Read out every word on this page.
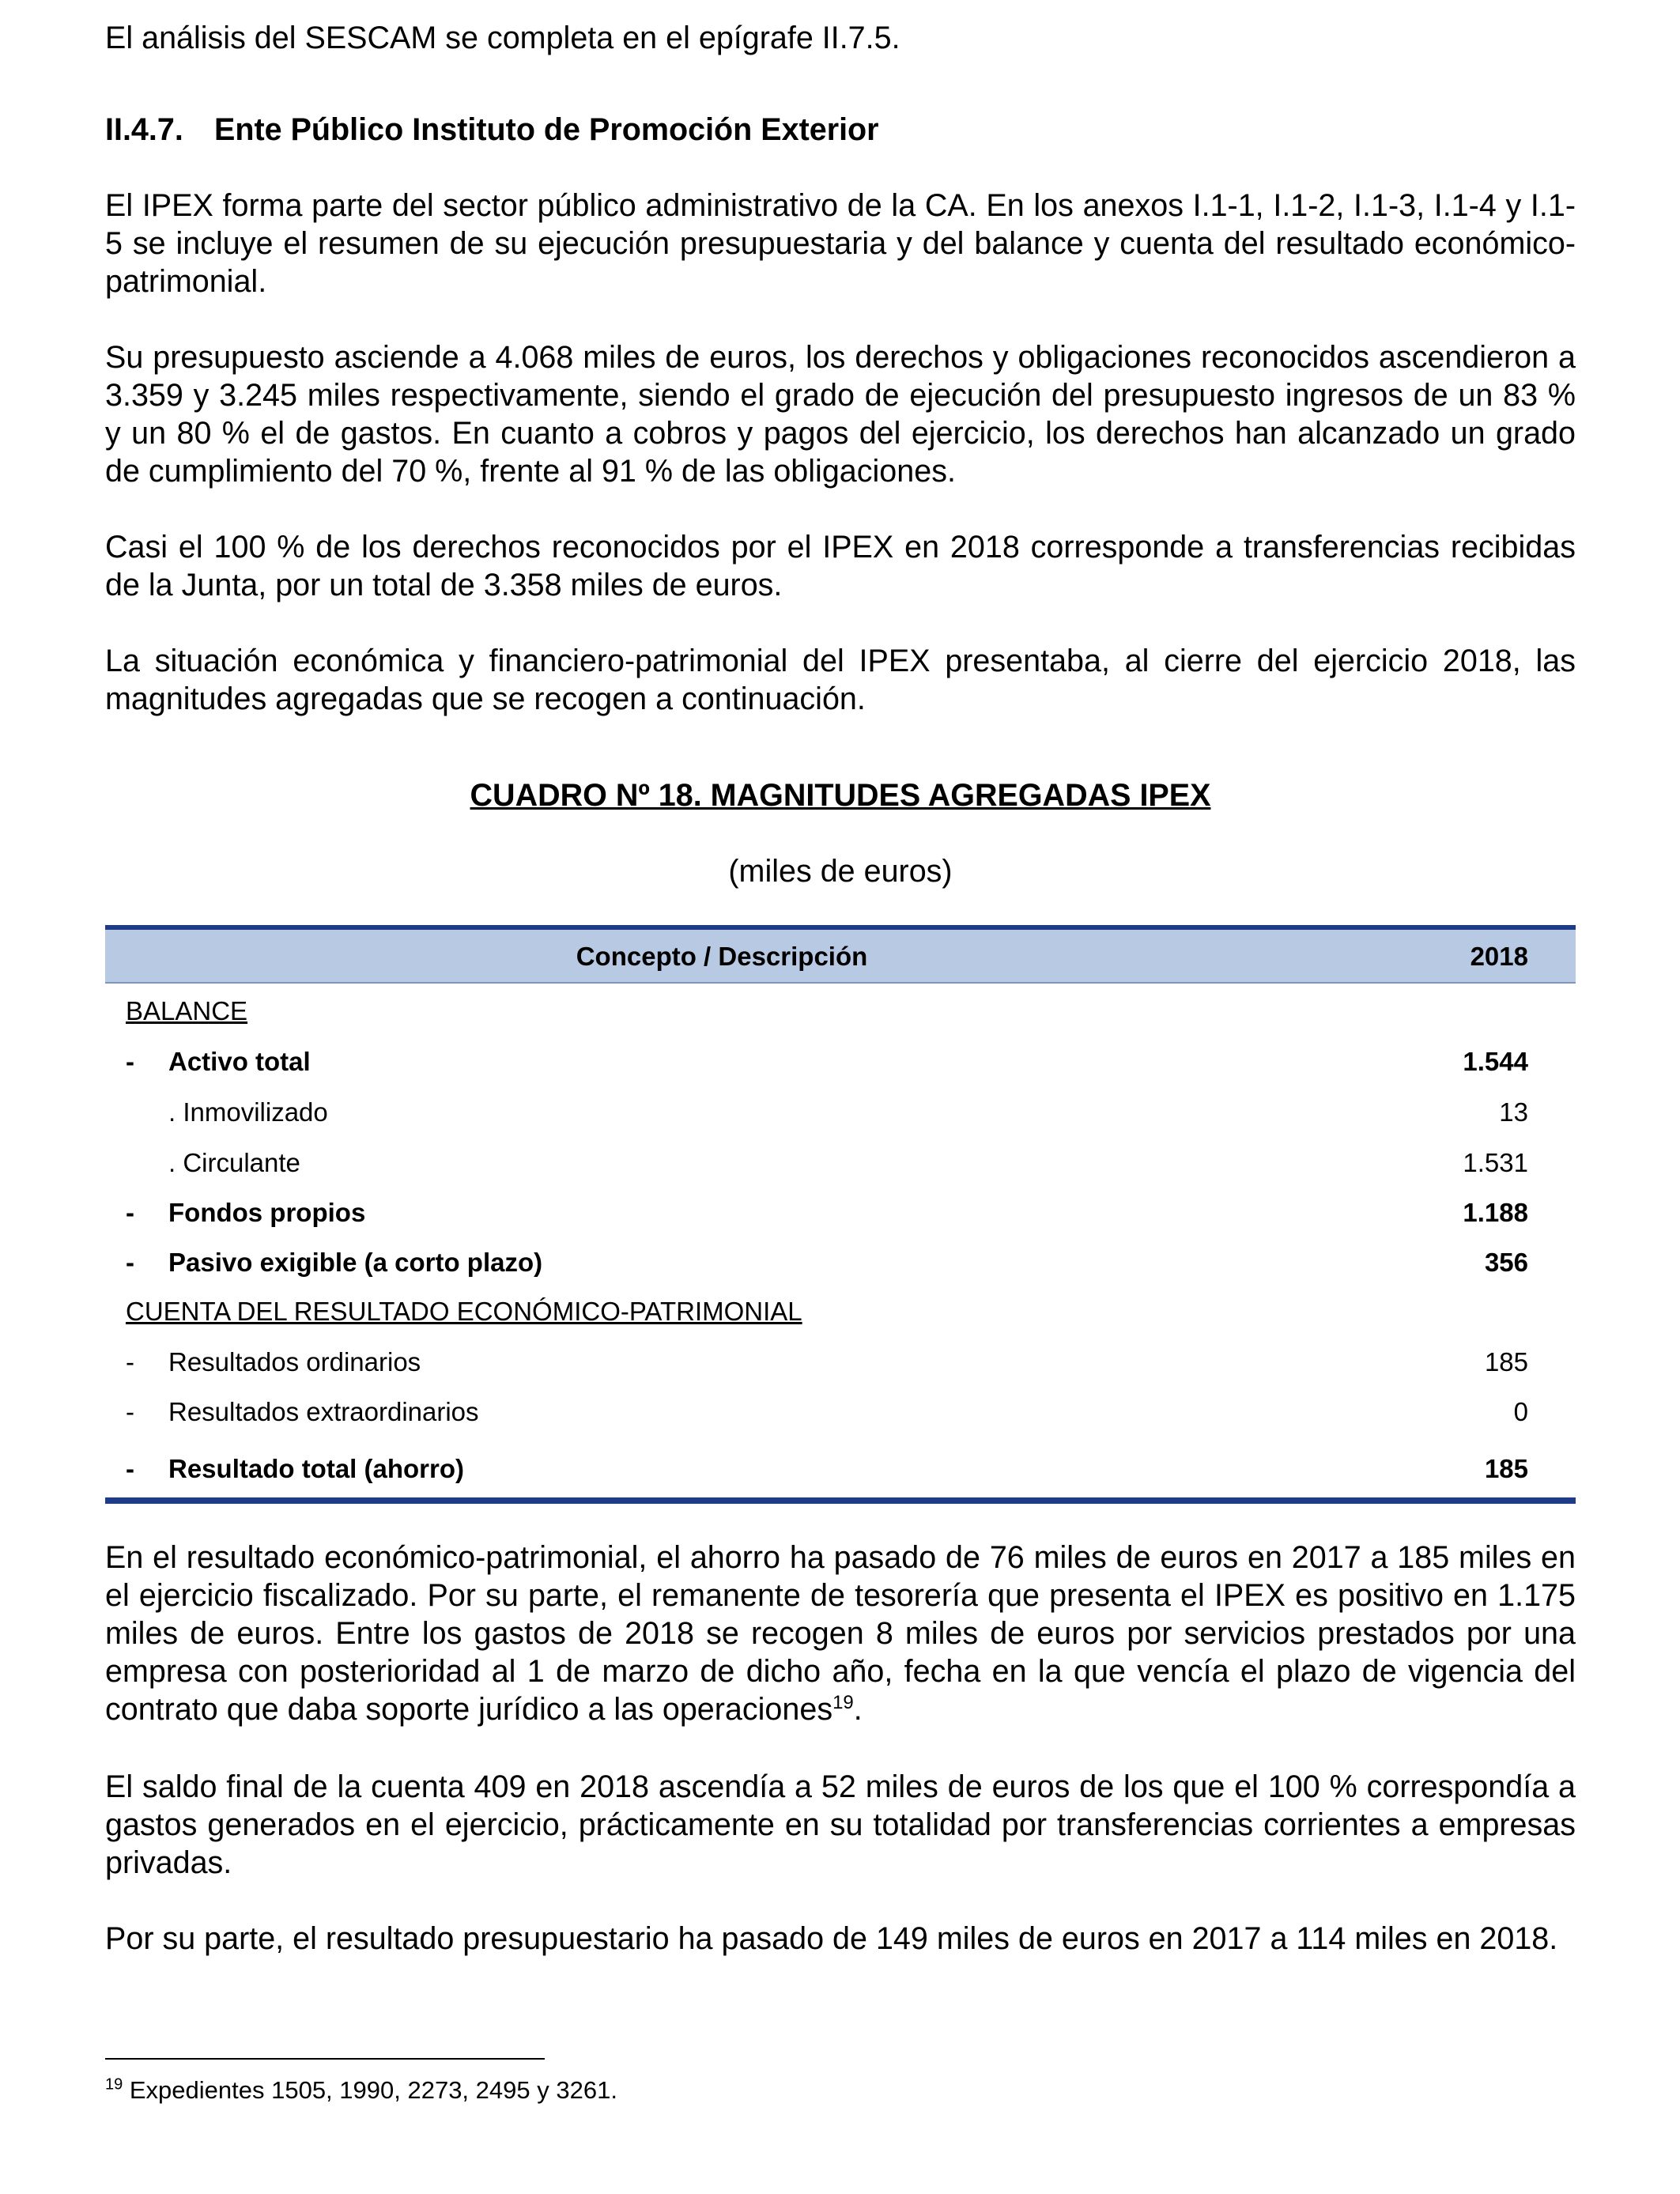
El análisis del SESCAM se completa en el epígrafe II.7.5.

II.4.7. Ente Público Instituto de Promoción Exterior

El IPEX forma parte del sector público administrativo de la CA. En los anexos I.1-1, I.1-2, I.1-3, I.1-4 y I.1-5 se incluye el resumen de su ejecución presupuestaria y del balance y cuenta del resultado económico-patrimonial.

Su presupuesto asciende a 4.068 miles de euros, los derechos y obligaciones reconocidos ascendieron a 3.359 y 3.245 miles respectivamente, siendo el grado de ejecución del presupuesto ingresos de un 83 % y un 80 % el de gastos. En cuanto a cobros y pagos del ejercicio, los derechos han alcanzado un grado de cumplimiento del 70 %, frente al 91 % de las obligaciones.

Casi el 100 % de los derechos reconocidos por el IPEX en 2018 corresponde a transferencias recibidas de la Junta, por un total de 3.358 miles de euros.

La situación económica y financiero-patrimonial del IPEX presentaba, al cierre del ejercicio 2018, las magnitudes agregadas que se recogen a continuación.

CUADRO Nº 18. MAGNITUDES AGREGADAS IPEX
(miles de euros)
Concepto / Descripción	2018
BALANCE
- Activo total	1.544
. Inmovilizado	13
. Circulante	1.531
- Fondos propios	1.188
- Pasivo exigible (a corto plazo)	356
CUENTA DEL RESULTADO ECONÓMICO-PATRIMONIAL
- Resultados ordinarios	185
- Resultados extraordinarios	0
- Resultado total (ahorro)	185

En el resultado económico-patrimonial, el ahorro ha pasado de 76 miles de euros en 2017 a 185 miles en el ejercicio fiscalizado. Por su parte, el remanente de tesorería que presenta el IPEX es positivo en 1.175 miles de euros. Entre los gastos de 2018 se recogen 8 miles de euros por servicios prestados por una empresa con posterioridad al 1 de marzo de dicho año, fecha en la que vencía el plazo de vigencia del contrato que daba soporte jurídico a las operaciones$^{19}$.

El saldo final de la cuenta 409 en 2018 ascendía a 52 miles de euros de los que el 100 % correspondía a gastos generados en el ejercicio, prácticamente en su totalidad por transferencias corrientes a empresas privadas.

Por su parte, el resultado presupuestario ha pasado de 149 miles de euros en 2017 a 114 miles en 2018.

$^{19}$ Expedientes 1505, 1990, 2273, 2495 y 3261.
